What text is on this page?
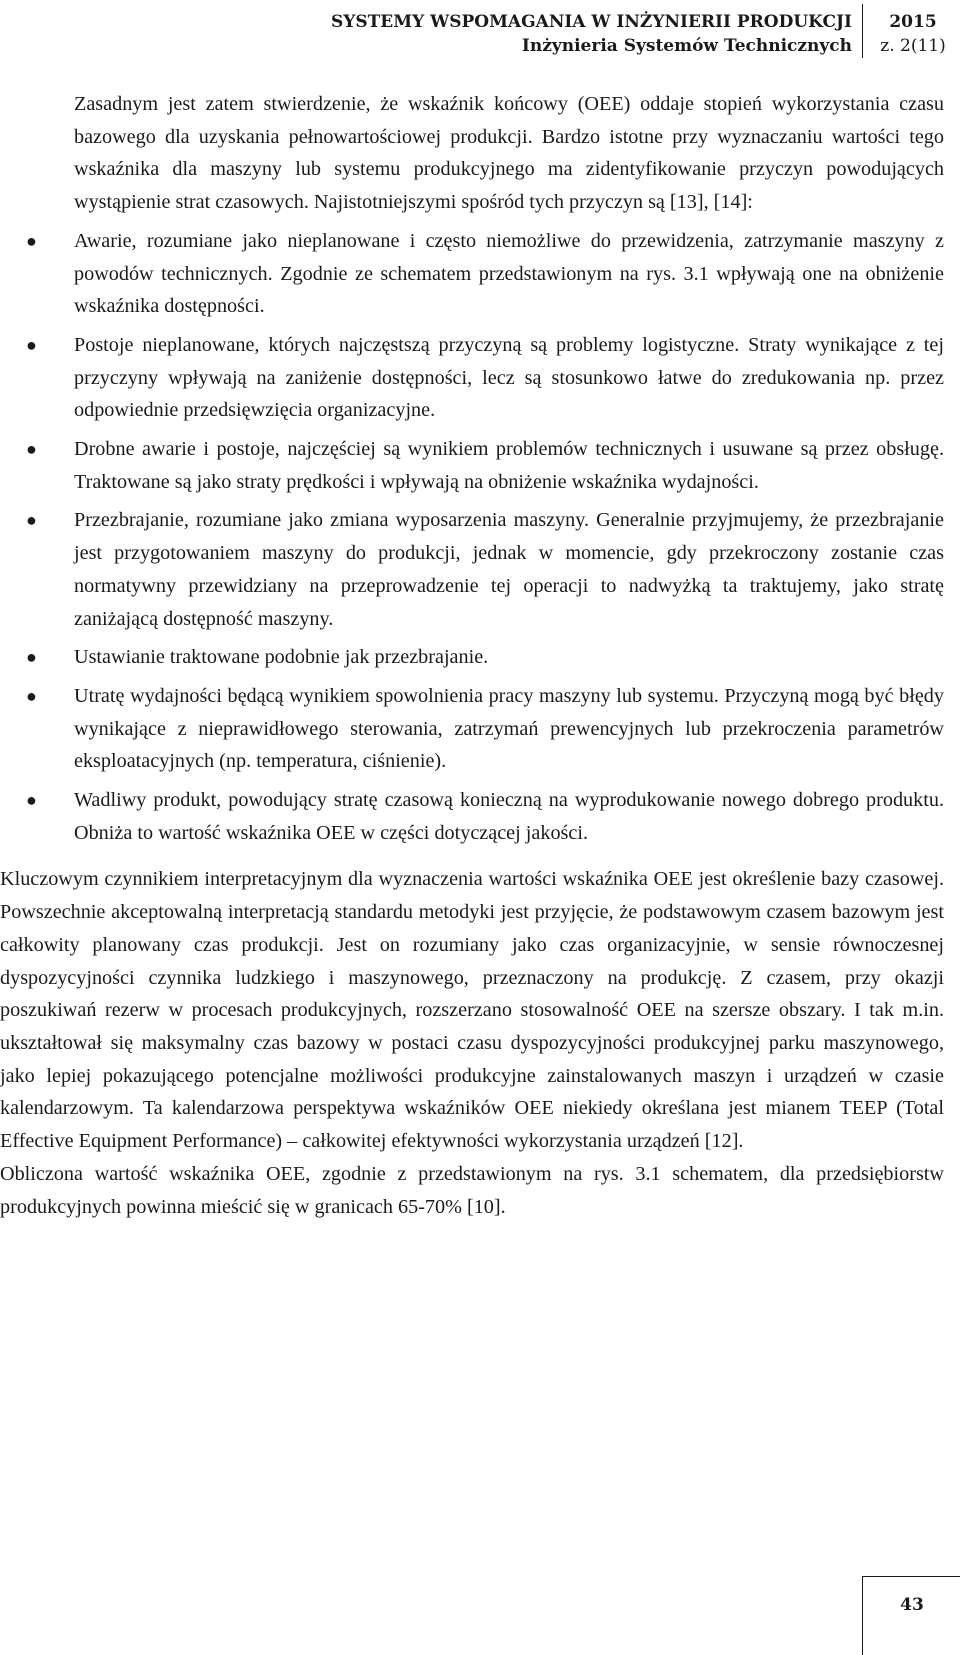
SYSTEMY WSPOMAGANIA W INŻYNIERII PRODUKCJI
Inżynieria Systemów Technicznych
2015
z. 2(11)

Zasadnym jest zatem stwierdzenie, że wskaźnik końcowy (OEE) oddaje stopień wykorzystania czasu bazowego dla uzyskania pełnowartościowej produkcji. Bardzo istotne przy wyznaczaniu wartości tego wskaźnika dla maszyny lub systemu produkcyjnego ma zidentyfikowanie przyczyn powodujących wystąpienie strat czasowych. Najistotniejszymi spośród tych przyczyn są [13], [14]:

● Awarie, rozumiane jako nieplanowane i często niemożliwe do przewidzenia, zatrzymanie maszyny z powodów technicznych. Zgodnie ze schematem przedstawionym na rys. 3.1 wpływają one na obniżenie wskaźnika dostępności.
● Postoje nieplanowane, których najczęstszą przyczyną są problemy logistyczne. Straty wynikające z tej przyczyny wpływają na zaniżenie dostępności, lecz są stosunkowo łatwe do zredukowania np. przez odpowiednie przedsięwzięcia organizacyjne.
● Drobne awarie i postoje, najczęściej są wynikiem problemów technicznych i usuwane są przez obsługę. Traktowane są jako straty prędkości i wpływają na obniżenie wskaźnika wydajności.
● Przezbrajanie, rozumiane jako zmiana wyposarzenia maszyny. Generalnie przyjmujemy, że przezbrajanie jest przygotowaniem maszyny do produkcji, jednak w momencie, gdy przekroczony zostanie czas normatywny przewidziany na przeprowadzenie tej operacji to nadwyżką ta traktujemy, jako stratę zaniżającą dostępność maszyny.
● Ustawianie traktowane podobnie jak przezbrajanie.
● Utratę wydajności będącą wynikiem spowolnienia pracy maszyny lub systemu. Przyczyną mogą być błędy wynikające z nieprawidłowego sterowania, zatrzymań prewencyjnych lub przekroczenia parametrów eksploatacyjnych (np. temperatura, ciśnienie).
● Wadliwy produkt, powodujący stratę czasową konieczną na wyprodukowanie nowego dobrego produktu. Obniża to wartość wskaźnika OEE w części dotyczącej jakości.

Kluczowym czynnikiem interpretacyjnym dla wyznaczenia wartości wskaźnika OEE jest określenie bazy czasowej. Powszechnie akceptowalną interpretacją standardu metodyki jest przyjęcie, że podstawowym czasem bazowym jest całkowity planowany czas produkcji. Jest on rozumiany jako czas organizacyjnie, w sensie równoczesnej dyspozycyjności czynnika ludzkiego i maszynowego, przeznaczony na produkcję. Z czasem, przy okazji poszukiwań rezerw w procesach produkcyjnych, rozszerzano stosowalność OEE na szersze obszary. I tak m.in. ukształtował się maksymalny czas bazowy w postaci czasu dyspozycyjności produkcyjnej parku maszynowego, jako lepiej pokazującego potencjalne możliwości produkcyjne zainstalowanych maszyn i urządzeń w czasie kalendarzowym. Ta kalendarzowa perspektywa wskaźników OEE niekiedy określana jest mianem TEEP (Total Effective Equipment Performance) – całkowitej efektywności wykorzystania urządzeń [12].

Obliczona wartość wskaźnika OEE, zgodnie z przedstawionym na rys. 3.1 schematem, dla przedsiębiorstw produkcyjnych powinna mieścić się w granicach 65-70% [10].

43
